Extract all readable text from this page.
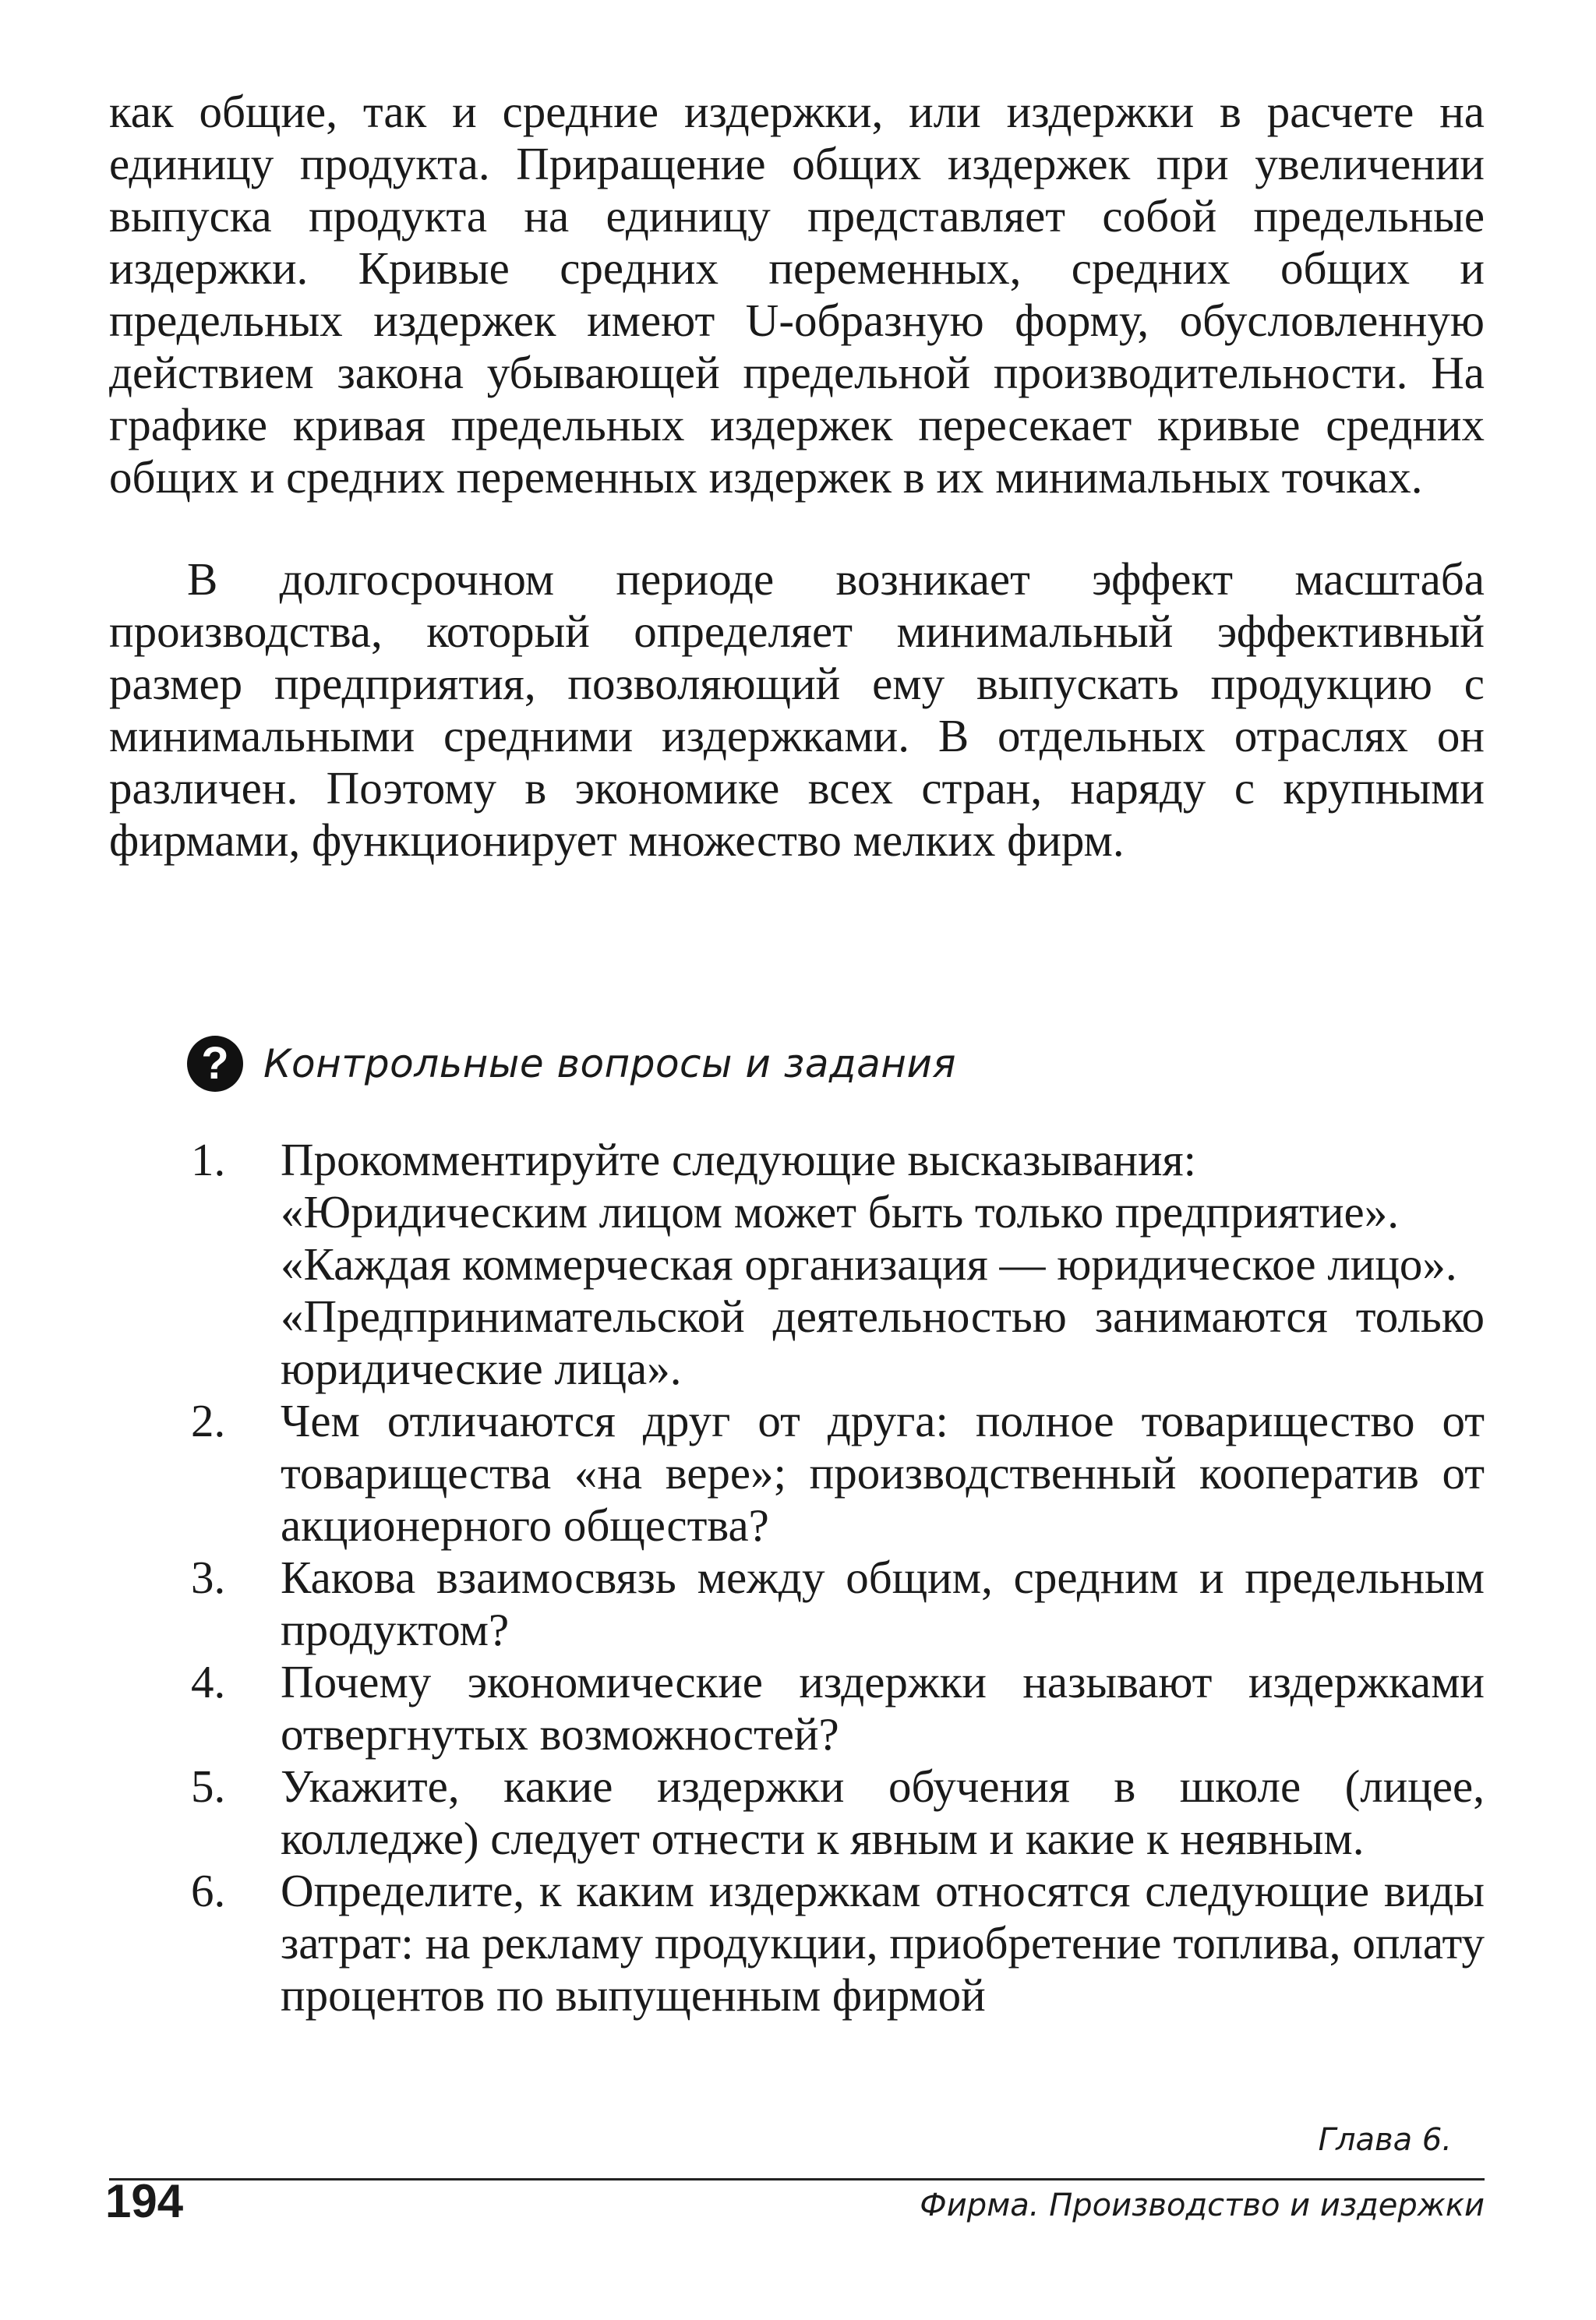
как общие, так и средние издержки, или издержки в расчете на единицу продукта. Приращение общих издержек при увеличении выпуска продукта на единицу представляет собой предельные издержки. Кривые средних переменных, средних общих и предельных издержек имеют U-образную форму, обусловленную действием закона убывающей предельной производительности. На графике кривая предельных издержек пересекает кривые средних общих и средних переменных издержек в их минимальных точках.

В долгосрочном периоде возникает эффект масштаба производства, который определяет минимальный эффективный размер предприятия, позволяющий ему выпускать продукцию с минимальными средними издержками. В отдельных отраслях он различен. Поэтому в экономике всех стран, наряду с крупными фирмами, функционирует множество мелких фирм.

? Контрольные вопросы и задания
1.	Прокомментируйте следующие высказывания:
«Юридическим лицом может быть только предприятие».
«Каждая коммерческая организация — юридическое лицо».
«Предпринимательской деятельностью занимаются только юридические лица».
2.	Чем отличаются друг от друга: полное товарищество от товарищества «на вере»; производственный кооператив от акционерного общества?
3.	Какова взаимосвязь между общим, средним и предельным продуктом?
4.	Почему экономические издержки называют издержками отвергнутых возможностей?
5.	Укажите, какие издержки обучения в школе (лицее, колледже) следует отнести к явным и какие к неявным.
6.	Определите, к каким издержкам относятся следующие виды затрат: на рекламу продукции, приобретение топлива, оплату процентов по выпущенным фирмой
Глава 6.
194	Фирма. Производство и издержки
